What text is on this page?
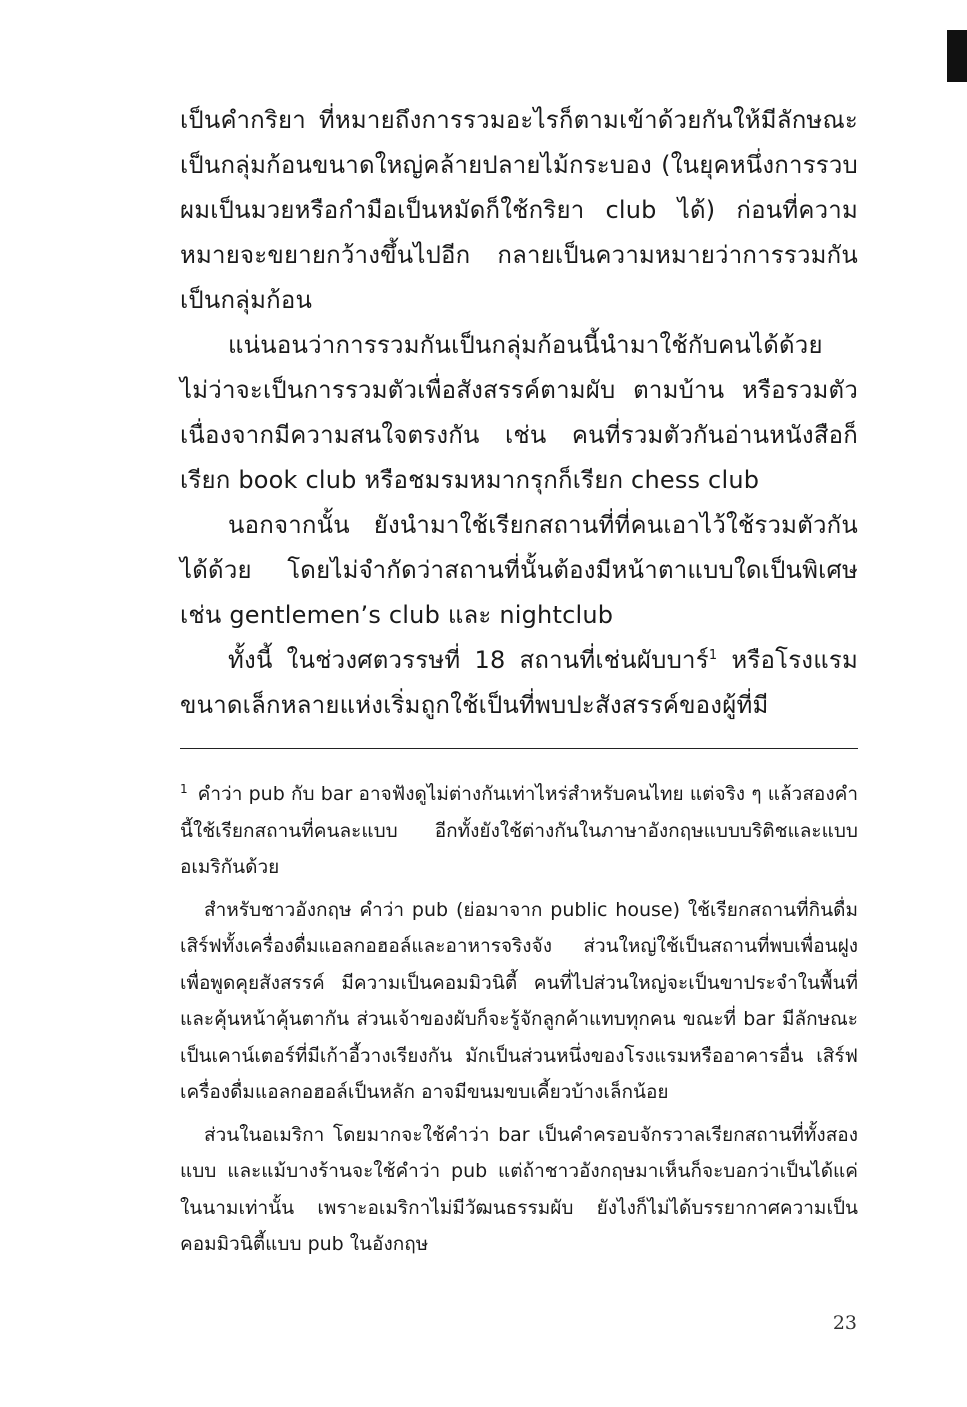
เป็นคำกริยา ที่หมายถึงการรวมอะไรก็ตามเข้าด้วยกันให้มีลักษณะเป็นกลุ่มก้อนขนาดใหญ่คล้ายปลายไม้กระบอง (ในยุคหนึ่งการรวบผมเป็นมวยหรือกำมือเป็นหมัดก็ใช้กริยา club ได้) ก่อนที่ความหมายจะขยายกว้างขึ้นไปอีก กลายเป็นความหมายว่าการรวมกันเป็นกลุ่มก้อน

แน่นอนว่าการรวมกันเป็นกลุ่มก้อนนี้นำมาใช้กับคนได้ด้วย ไม่ว่าจะเป็นการรวมตัวเพื่อสังสรรค์ตามผับ ตามบ้าน หรือรวมตัวเนื่องจากมีความสนใจตรงกัน เช่น คนที่รวมตัวกันอ่านหนังสือก็เรียก book club หรือชมรมหมากรุกก็เรียก chess club

นอกจากนั้น ยังนำมาใช้เรียกสถานที่ที่คนเอาไว้ใช้รวมตัวกันได้ด้วย โดยไม่จำกัดว่าสถานที่นั้นต้องมีหน้าตาแบบใดเป็นพิเศษ เช่น gentlemen’s club และ nightclub

ทั้งนี้ ในช่วงศตวรรษที่ 18 สถานที่เช่นผับบาร์$^1$ หรือโรงแรมขนาดเล็กหลายแห่งเริ่มถูกใช้เป็นที่พบปะสังสรรค์ของผู้ที่มี

$^1$ คำว่า pub กับ bar อาจฟังดูไม่ต่างกันเท่าไหร่สำหรับคนไทย แต่จริง ๆ แล้วสองคำนี้ใช้เรียกสถานที่คนละแบบ อีกทั้งยังใช้ต่างกันในภาษาอังกฤษแบบบริติชและแบบอเมริกันด้วย

สำหรับชาวอังกฤษ คำว่า pub (ย่อมาจาก public house) ใช้เรียกสถานที่กินดื่ม เสิร์ฟทั้งเครื่องดื่มแอลกอฮอล์และอาหารจริงจัง ส่วนใหญ่ใช้เป็นสถานที่พบเพื่อนฝูงเพื่อพูดคุยสังสรรค์ มีความเป็นคอมมิวนิตี้ คนที่ไปส่วนใหญ่จะเป็นขาประจำในพื้นที่และคุ้นหน้าคุ้นตากัน ส่วนเจ้าของผับก็จะรู้จักลูกค้าแทบทุกคน ขณะที่ bar มีลักษณะเป็นเคาน์เตอร์ที่มีเก้าอี้วางเรียงกัน มักเป็นส่วนหนึ่งของโรงแรมหรืออาคารอื่น เสิร์ฟเครื่องดื่มแอลกอฮอล์เป็นหลัก อาจมีขนมขบเคี้ยวบ้างเล็กน้อย

ส่วนในอเมริกา โดยมากจะใช้คำว่า bar เป็นคำครอบจักรวาลเรียกสถานที่ทั้งสองแบบ และแม้บางร้านจะใช้คำว่า pub แต่ถ้าชาวอังกฤษมาเห็นก็จะบอกว่าเป็นได้แค่ในนามเท่านั้น เพราะอเมริกาไม่มีวัฒนธรรมผับ ยังไงก็ไม่ได้บรรยากาศความเป็นคอมมิวนิตี้แบบ pub ในอังกฤษ

23
